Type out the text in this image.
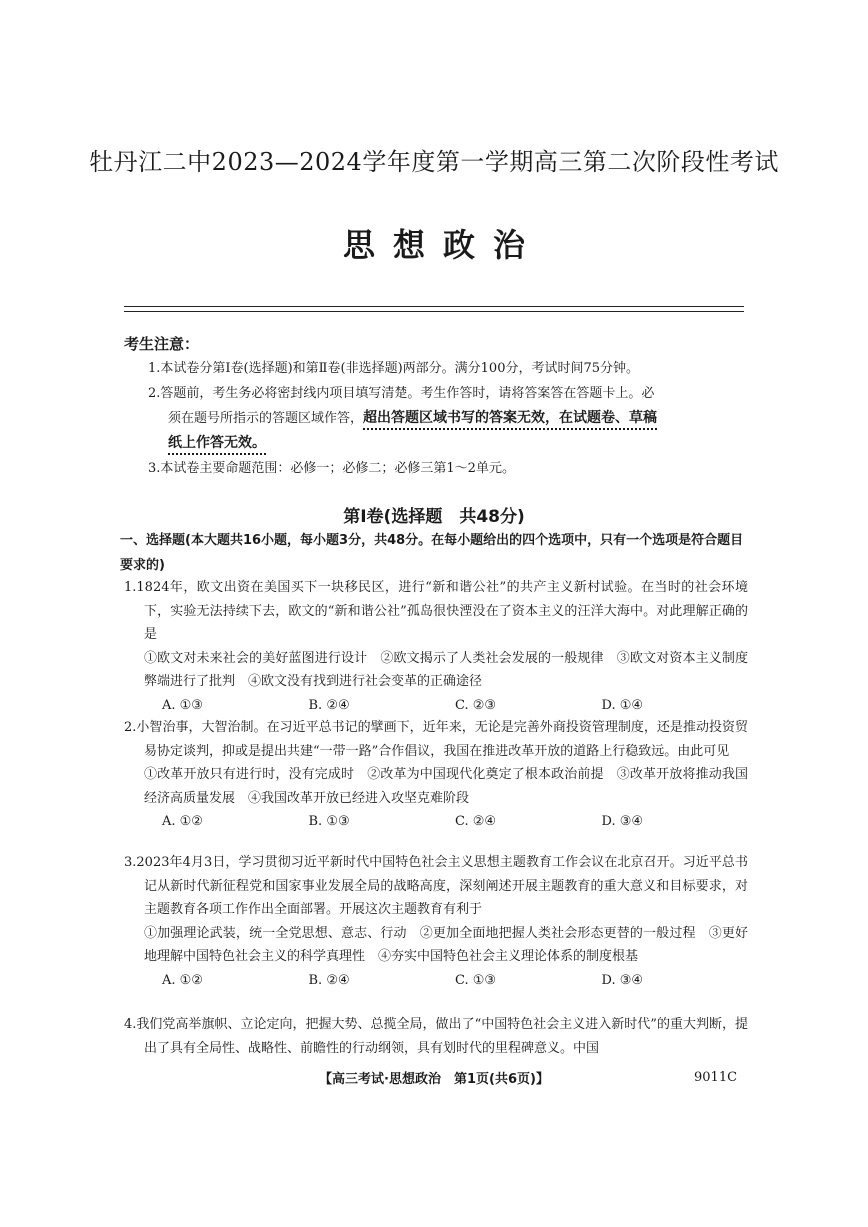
牡丹江二中2023—2024学年度第一学期高三第二次阶段性考试
思想政治
考生注意：
1.本试卷分第Ⅰ卷(选择题)和第Ⅱ卷(非选择题)两部分。满分100分，考试时间75分钟。
2.答题前，考生务必将密封线内项目填写清楚。考生作答时，请将答案答在答题卡上。必
须在题号所指示的答题区域作答，超出答题区域书写的答案无效，在试题卷、草稿
纸上作答无效。
3.本试卷主要命题范围：必修一；必修二；必修三第1～2单元。
第Ⅰ卷(选择题　共48分)
一、选择题(本大题共16小题，每小题3分，共48分。在每小题给出的四个选项中，只有一个选项是符合题目要求的)

1.1824年，欧文出资在美国买下一块移民区，进行“新和谐公社”的共产主义新村试验。在当时的社会环境下，实验无法持续下去，欧文的“新和谐公社”孤岛很快湮没在了资本主义的汪洋大海中。对此理解正确的是

①欧文对未来社会的美好蓝图进行设计　②欧文揭示了人类社会发展的一般规律　③欧文对资本主义制度弊端进行了批判　④欧文没有找到进行社会变革的正确途径

A. ①③	B. ②④	C. ②③	D. ①④

2.小智治事，大智治制。在习近平总书记的擘画下，近年来，无论是完善外商投资管理制度，还是推动投资贸易协定谈判，抑或是提出共建“一带一路”合作倡议，我国在推进改革开放的道路上行稳致远。由此可见

①改革开放只有进行时，没有完成时　②改革为中国现代化奠定了根本政治前提　③改革开放将推动我国经济高质量发展　④我国改革开放已经进入攻坚克难阶段

A. ①②	B. ①③	C. ②④	D. ③④

3.2023年4月3日，学习贯彻习近平新时代中国特色社会主义思想主题教育工作会议在北京召开。习近平总书记从新时代新征程党和国家事业发展全局的战略高度，深刻阐述开展主题教育的重大意义和目标要求，对主题教育各项工作作出全面部署。开展这次主题教育有利于

①加强理论武装，统一全党思想、意志、行动　②更加全面地把握人类社会形态更替的一般过程　③更好地理解中国特色社会主义的科学真理性　④夯实中国特色社会主义理论体系的制度根基

A. ①②	B. ②④	C. ①③	D. ③④

4.我们党高举旗帜、立论定向，把握大势、总揽全局，做出了“中国特色社会主义进入新时代”的重大判断，提出了具有全局性、战略性、前瞻性的行动纲领，具有划时代的里程碑意义。中国

【高三考试·思想政治　第1页(共6页)】	9011C
